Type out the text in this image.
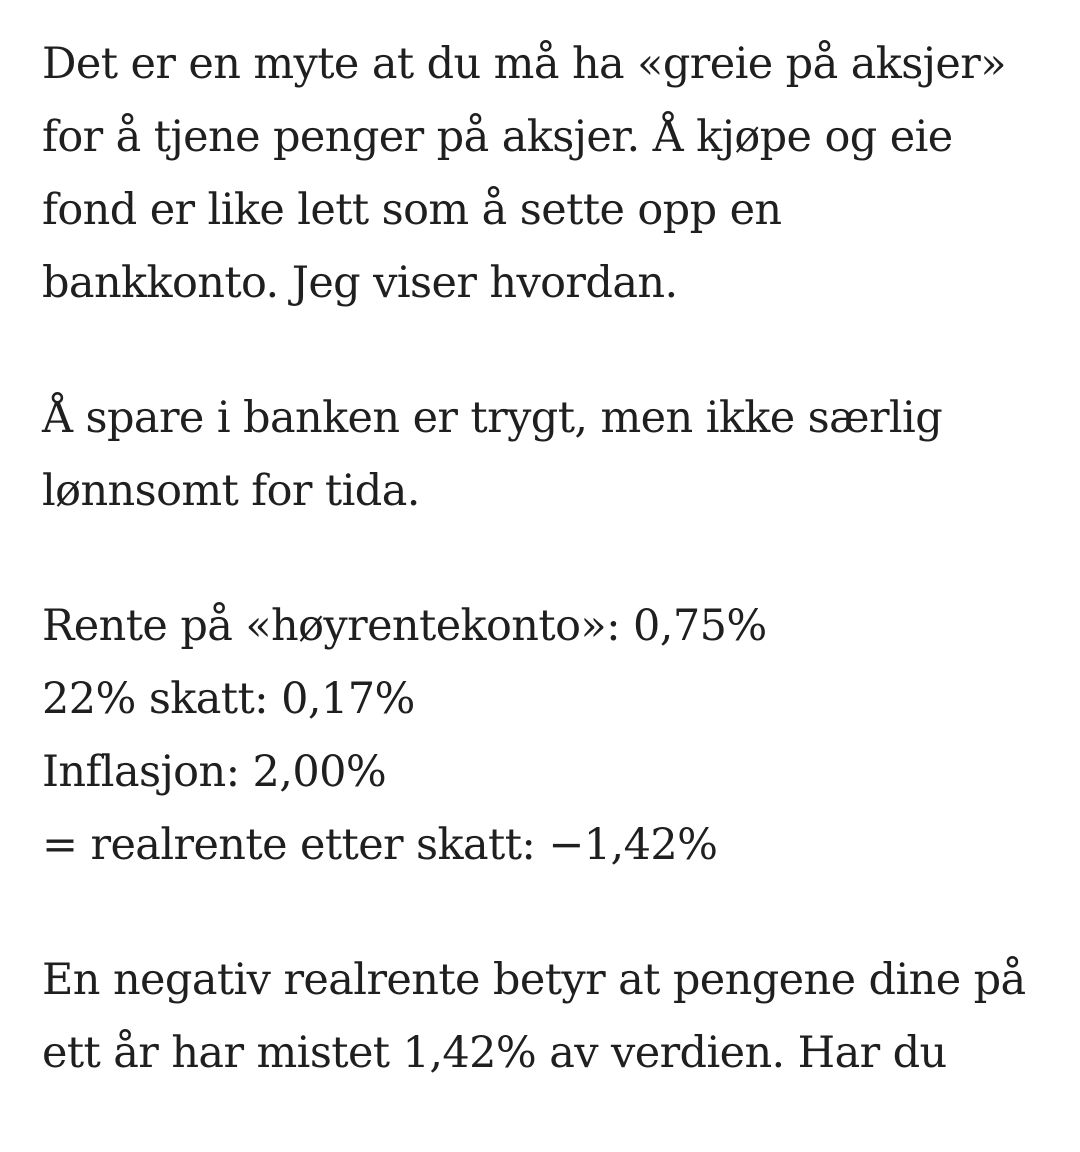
Det er en myte at du må ha «greie på aksjer»
for å tjene penger på aksjer. Å kjøpe og eie
fond er like lett som å sette opp en
bankkonto. Jeg viser hvordan.

Å spare i banken er trygt, men ikke særlig
lønnsomt for tida.

Rente på «høyrentekonto»: 0,75%
22% skatt: 0,17%
Inflasjon: 2,00%
= realrente etter skatt: −1,42%

En negativ realrente betyr at pengene dine på
ett år har mistet 1,42% av verdien. Har du
